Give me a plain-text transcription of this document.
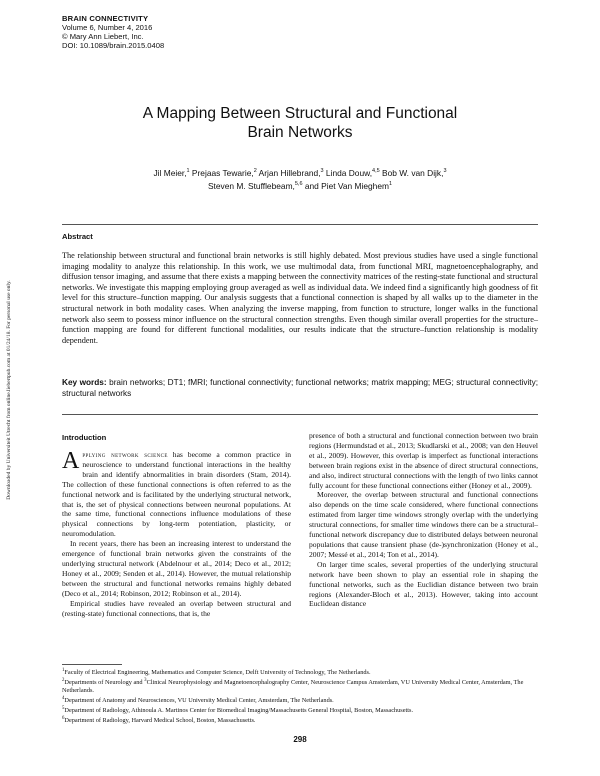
BRAIN CONNECTIVITY
Volume 6, Number 4, 2016
© Mary Ann Liebert, Inc.
DOI: 10.1089/brain.2015.0408
A Mapping Between Structural and Functional
Brain Networks
Jil Meier,$^1$ Prejaas Tewarie,$^2$ Arjan Hillebrand,$^3$ Linda Douw,$^{4,5}$ Bob W. van Dijk,$^3$
Steven M. Stufflebeam,$^{5,6}$ and Piet Van Mieghem$^1$
Abstract
The relationship between structural and functional brain networks is still highly debated. Most previous studies have used a single functional imaging modality to analyze this relationship. In this work, we use multimodal data, from functional MRI, magnetoencephalography, and diffusion tensor imaging, and assume that there exists a mapping between the connectivity matrices of the resting-state functional and structural networks. We investigate this mapping employing group averaged as well as individual data. We indeed find a significantly high goodness of fit level for this structure–function mapping. Our analysis suggests that a functional connection is shaped by all walks up to the diameter in the structural network in both modality cases. When analyzing the inverse mapping, from function to structure, longer walks in the functional network also seem to possess minor influence on the structural connection strengths. Even though similar overall properties for the structure–function mapping are found for different functional modalities, our results indicate that the structure–function relationship is modality dependent.
Key words: brain networks; DT1; fMRI; functional connectivity; functional networks; matrix mapping; MEG; structural connectivity; structural networks
Downloaded by Universiteit Utrecht from online.liebertpub.com at 01/24/18. For personal use only.	Introduction

Applying network science has become a common practice in neuroscience to understand functional interactions in the healthy brain and identify abnormalities in brain disorders (Stam, 2014). The collection of these functional connections is often referred to as the functional network and is facilitated by the underlying structural network, that is, the set of physical connections between neuronal populations. At the same time, functional connections influence modulations of these physical connections by long-term potentiation, plasticity, or neuromodulation.

In recent years, there has been an increasing interest to understand the emergence of functional brain networks given the constraints of the underlying structural network (Abdelnour et al., 2014; Deco et al., 2012; Honey et al., 2009; Senden et al., 2014). However, the mutual relationship between the structural and functional networks remains highly debated (Deco et al., 2014; Robinson, 2012; Robinson et al., 2014).

Empirical studies have revealed an overlap between structural and (resting-state) functional connections, that is, the

presence of both a structural and functional connection between two brain regions (Hermundstad et al., 2013; Skudlarski et al., 2008; van den Heuvel et al., 2009). However, this overlap is imperfect as functional interactions between brain regions exist in the absence of direct structural connections, and also, indirect structural connections with the length of two links cannot fully account for these functional connections either (Honey et al., 2009).

Moreover, the overlap between structural and functional connections also depends on the time scale considered, where functional connections estimated from larger time windows strongly overlap with the underlying structural connections, for smaller time windows there can be a structural–functional network discrepancy due to distributed delays between neuronal populations that cause transient phase (de-)synchronization (Honey et al., 2007; Messé et al., 2014; Ton et al., 2014).

On larger time scales, several properties of the underlying structural network have been shown to play an essential role in shaping the functional networks, such as the Euclidian distance between two brain regions (Alexander-Bloch et al., 2013). However, taking into account Euclidean distance

$^1$Faculty of Electrical Engineering, Mathematics and Computer Science, Delft University of Technology, The Netherlands.
$^2$Departments of Neurology and $^3$Clinical Neurophysiology and Magnetoencephalography Center, Neuroscience Campus Amsterdam, VU University Medical Center, Amsterdam, The Netherlands.
$^4$Department of Anatomy and Neurosciences, VU University Medical Center, Amsterdam, The Netherlands.
$^5$Department of Radiology, Athinoula A. Martinos Center for Biomedical Imaging/Massachusetts General Hospital, Boston, Massachusetts.
$^6$Department of Radiology, Harvard Medical School, Boston, Massachusetts.
298
